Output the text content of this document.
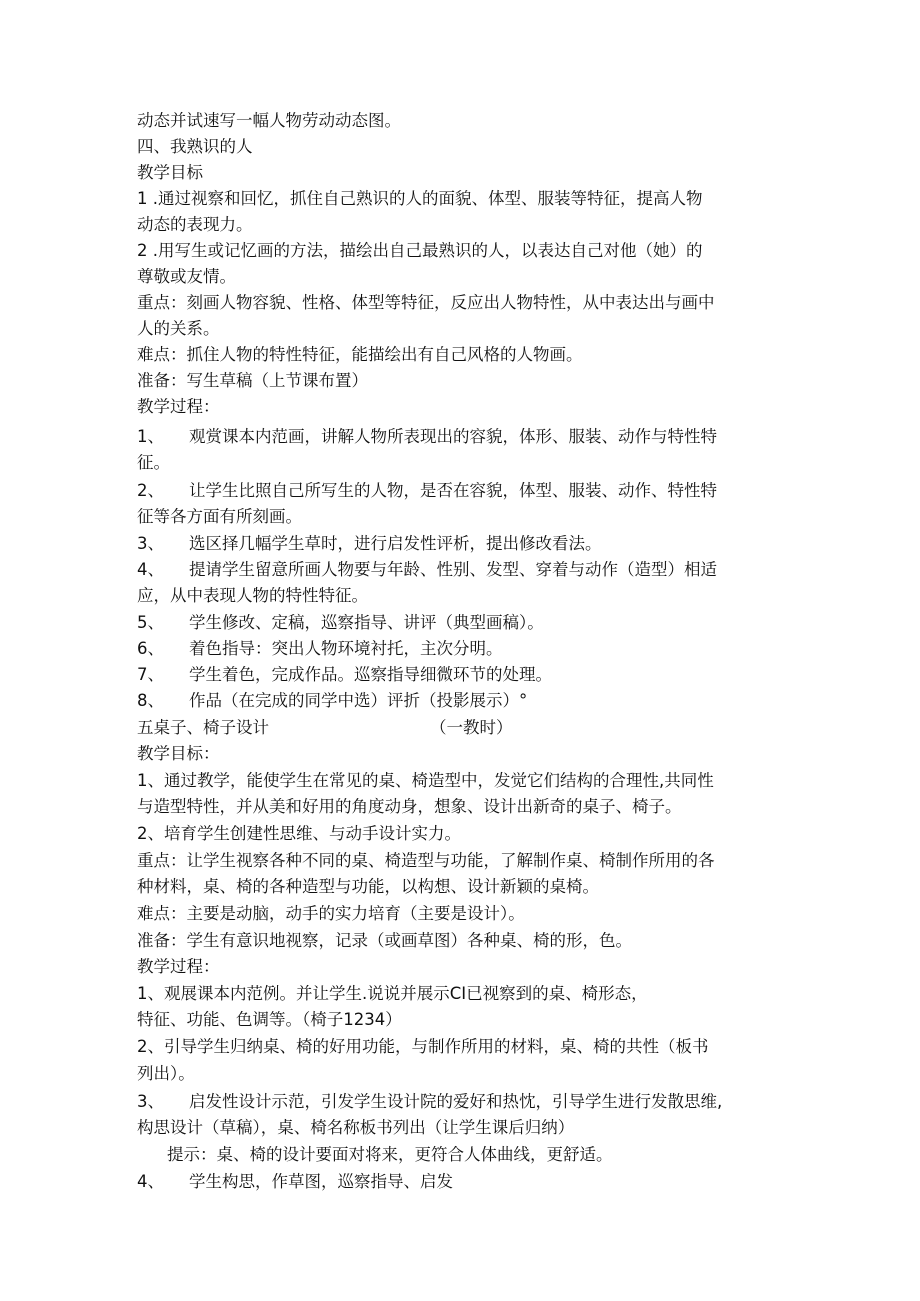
动态并试速写一幅人物劳动动态图。
四、我熟识的人
教学目标
1 .通过视察和回忆，抓住自己熟识的人的面貌、体型、服装等特征，提高人物
动态的表现力。
2 .用写生或记忆画的方法，描绘出自己最熟识的人，以表达自己对他（她）的
尊敬或友情。
重点：刻画人物容貌、性格、体型等特征，反应出人物特性，从中表达出与画中
人的关系。
难点：抓住人物的特性特征，能描绘出有自己风格的人物画。
准备：写生草稿（上节课布置）
教学过程：
1、 观赏课本内范画，讲解人物所表现出的容貌，体形、服装、动作与特性特
征。
2、 让学生比照自己所写生的人物，是否在容貌，体型、服装、动作、特性特
征等各方面有所刻画。
3、 选区择几幅学生草时，进行启发性评析，提出修改看法。
4、 提请学生留意所画人物要与年龄、性别、发型、穿着与动作（造型）相适
应，从中表现人物的特性特征。
5、 学生修改、定稿，巡察指导、讲评（典型画稿）。
6、 着色指导：突出人物环境衬托，主次分明。
7、 学生着色，完成作品。巡察指导细微环节的处理。
8、 作品（在完成的同学中选）评折（投影展示）°
五桌子、椅子设计	（一教时）
教学目标：
1、通过教学，能使学生在常见的桌、椅造型中，发觉它们结构的合理性,共同性
与造型特性，并从美和好用的角度动身，想象、设计出新奇的桌子、椅子。
2、培育学生创建性思维、与动手设计实力。
重点：让学生视察各种不同的桌、椅造型与功能，了解制作桌、椅制作所用的各
种材料，桌、椅的各种造型与功能，以构想、设计新颖的桌椅。
难点：主要是动脑，动手的实力培育（主要是设计）。
准备：学生有意识地视察，记录（或画草图）各种桌、椅的形，色。
教学过程：
1、观展课本内范例。并让学生.说说并展示CI已视察到的桌、椅形态，
特征、功能、色调等。（椅子1234）
2、引导学生归纳桌、椅的好用功能，与制作所用的材料，桌、椅的共性（板书
列出）。
3、 启发性设计示范，引发学生设计院的爱好和热忱，引导学生进行发散思维,
构思设计（草稿），桌、椅名称板书列出（让学生课后归纳）
提示：桌、椅的设计要面对将来，更符合人体曲线，更舒适。
4、 学生构思，作草图，巡察指导、启发
